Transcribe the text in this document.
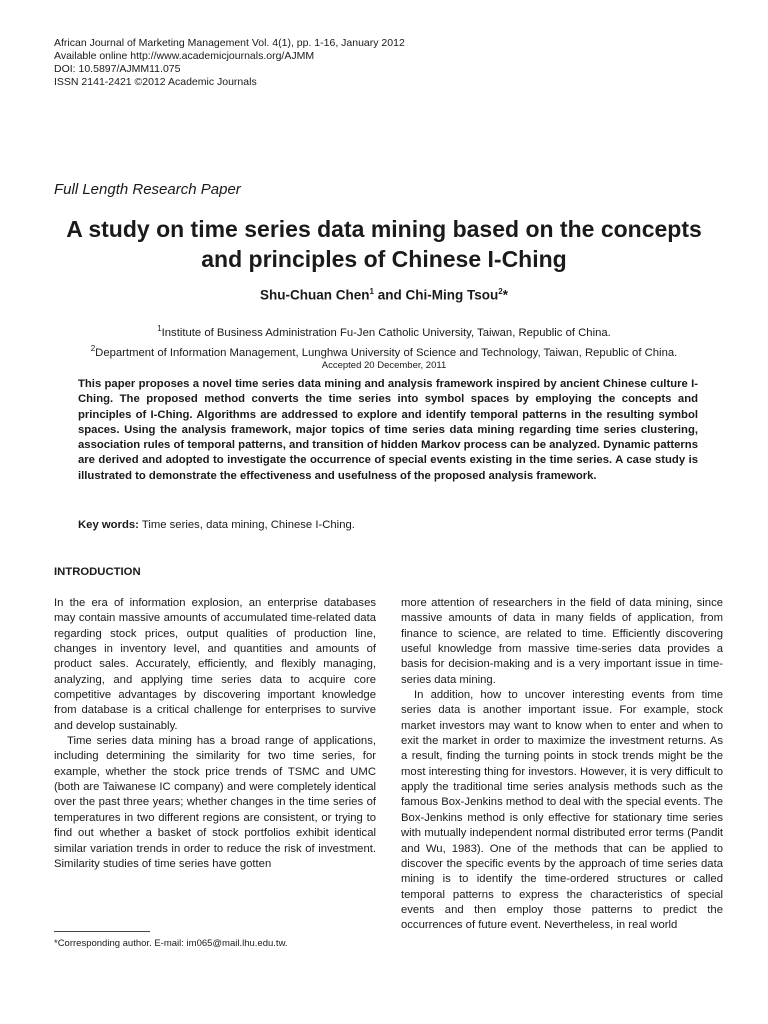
African Journal of Marketing Management Vol. 4(1), pp. 1-16, January 2012
Available online http://www.academicjournals.org/AJMM
DOI: 10.5897/AJMM11.075
ISSN 2141-2421 ©2012 Academic Journals
Full Length Research Paper
A study on time series data mining based on the concepts and principles of Chinese I-Ching
Shu-Chuan Chen$^1$ and Chi-Ming Tsou$^2$*
$^1$Institute of Business Administration Fu-Jen Catholic University, Taiwan, Republic of China.
$^2$Department of Information Management, Lunghwa University of Science and Technology, Taiwan, Republic of China.
Accepted 20 December, 2011

This paper proposes a novel time series data mining and analysis framework inspired by ancient Chinese culture I-Ching. The proposed method converts the time series into symbol spaces by employing the concepts and principles of I-Ching. Algorithms are addressed to explore and identify temporal patterns in the resulting symbol spaces. Using the analysis framework, major topics of time series data mining regarding time series clustering, association rules of temporal patterns, and transition of hidden Markov process can be analyzed. Dynamic patterns are derived and adopted to investigate the occurrence of special events existing in the time series. A case study is illustrated to demonstrate the effectiveness and usefulness of the proposed analysis framework.

Key words: Time series, data mining, Chinese I-Ching.
INTRODUCTION

In the era of information explosion, an enterprise databases may contain massive amounts of accumulated time-related data regarding stock prices, output qualities of production line, changes in inventory level, and quantities and amounts of product sales. Accurately, efficiently, and flexibly managing, analyzing, and applying time series data to acquire core competitive advantages by discovering important knowledge from database is a critical challenge for enterprises to survive and develop sustainably.

Time series data mining has a broad range of applications, including determining the similarity for two time series, for example, whether the stock price trends of TSMC and UMC (both are Taiwanese IC company) and were completely identical over the past three years; whether changes in the time series of temperatures in two different regions are consistent, or trying to find out whether a basket of stock portfolios exhibit identical similar variation trends in order to reduce the risk of investment. Similarity studies of time series have gotten

more attention of researchers in the field of data mining, since massive amounts of data in many fields of application, from finance to science, are related to time. Efficiently discovering useful knowledge from massive time-series data provides a basis for decision-making and is a very important issue in time-series data mining.

In addition, how to uncover interesting events from time series data is another important issue. For example, stock market investors may want to know when to enter and when to exit the market in order to maximize the investment returns. As a result, finding the turning points in stock trends might be the most interesting thing for investors. However, it is very difficult to apply the traditional time series analysis methods such as the famous Box-Jenkins method to deal with the special events. The Box-Jenkins method is only effective for stationary time series with mutually independent normal distributed error terms (Pandit and Wu, 1983). One of the methods that can be applied to discover the specific events by the approach of time series data mining is to identify the time-ordered structures or called temporal patterns to express the characteristics of special events and then employ those patterns to predict the occurrences of future event. Nevertheless, in real world

*Corresponding author. E-mail: im065@mail.lhu.edu.tw.
